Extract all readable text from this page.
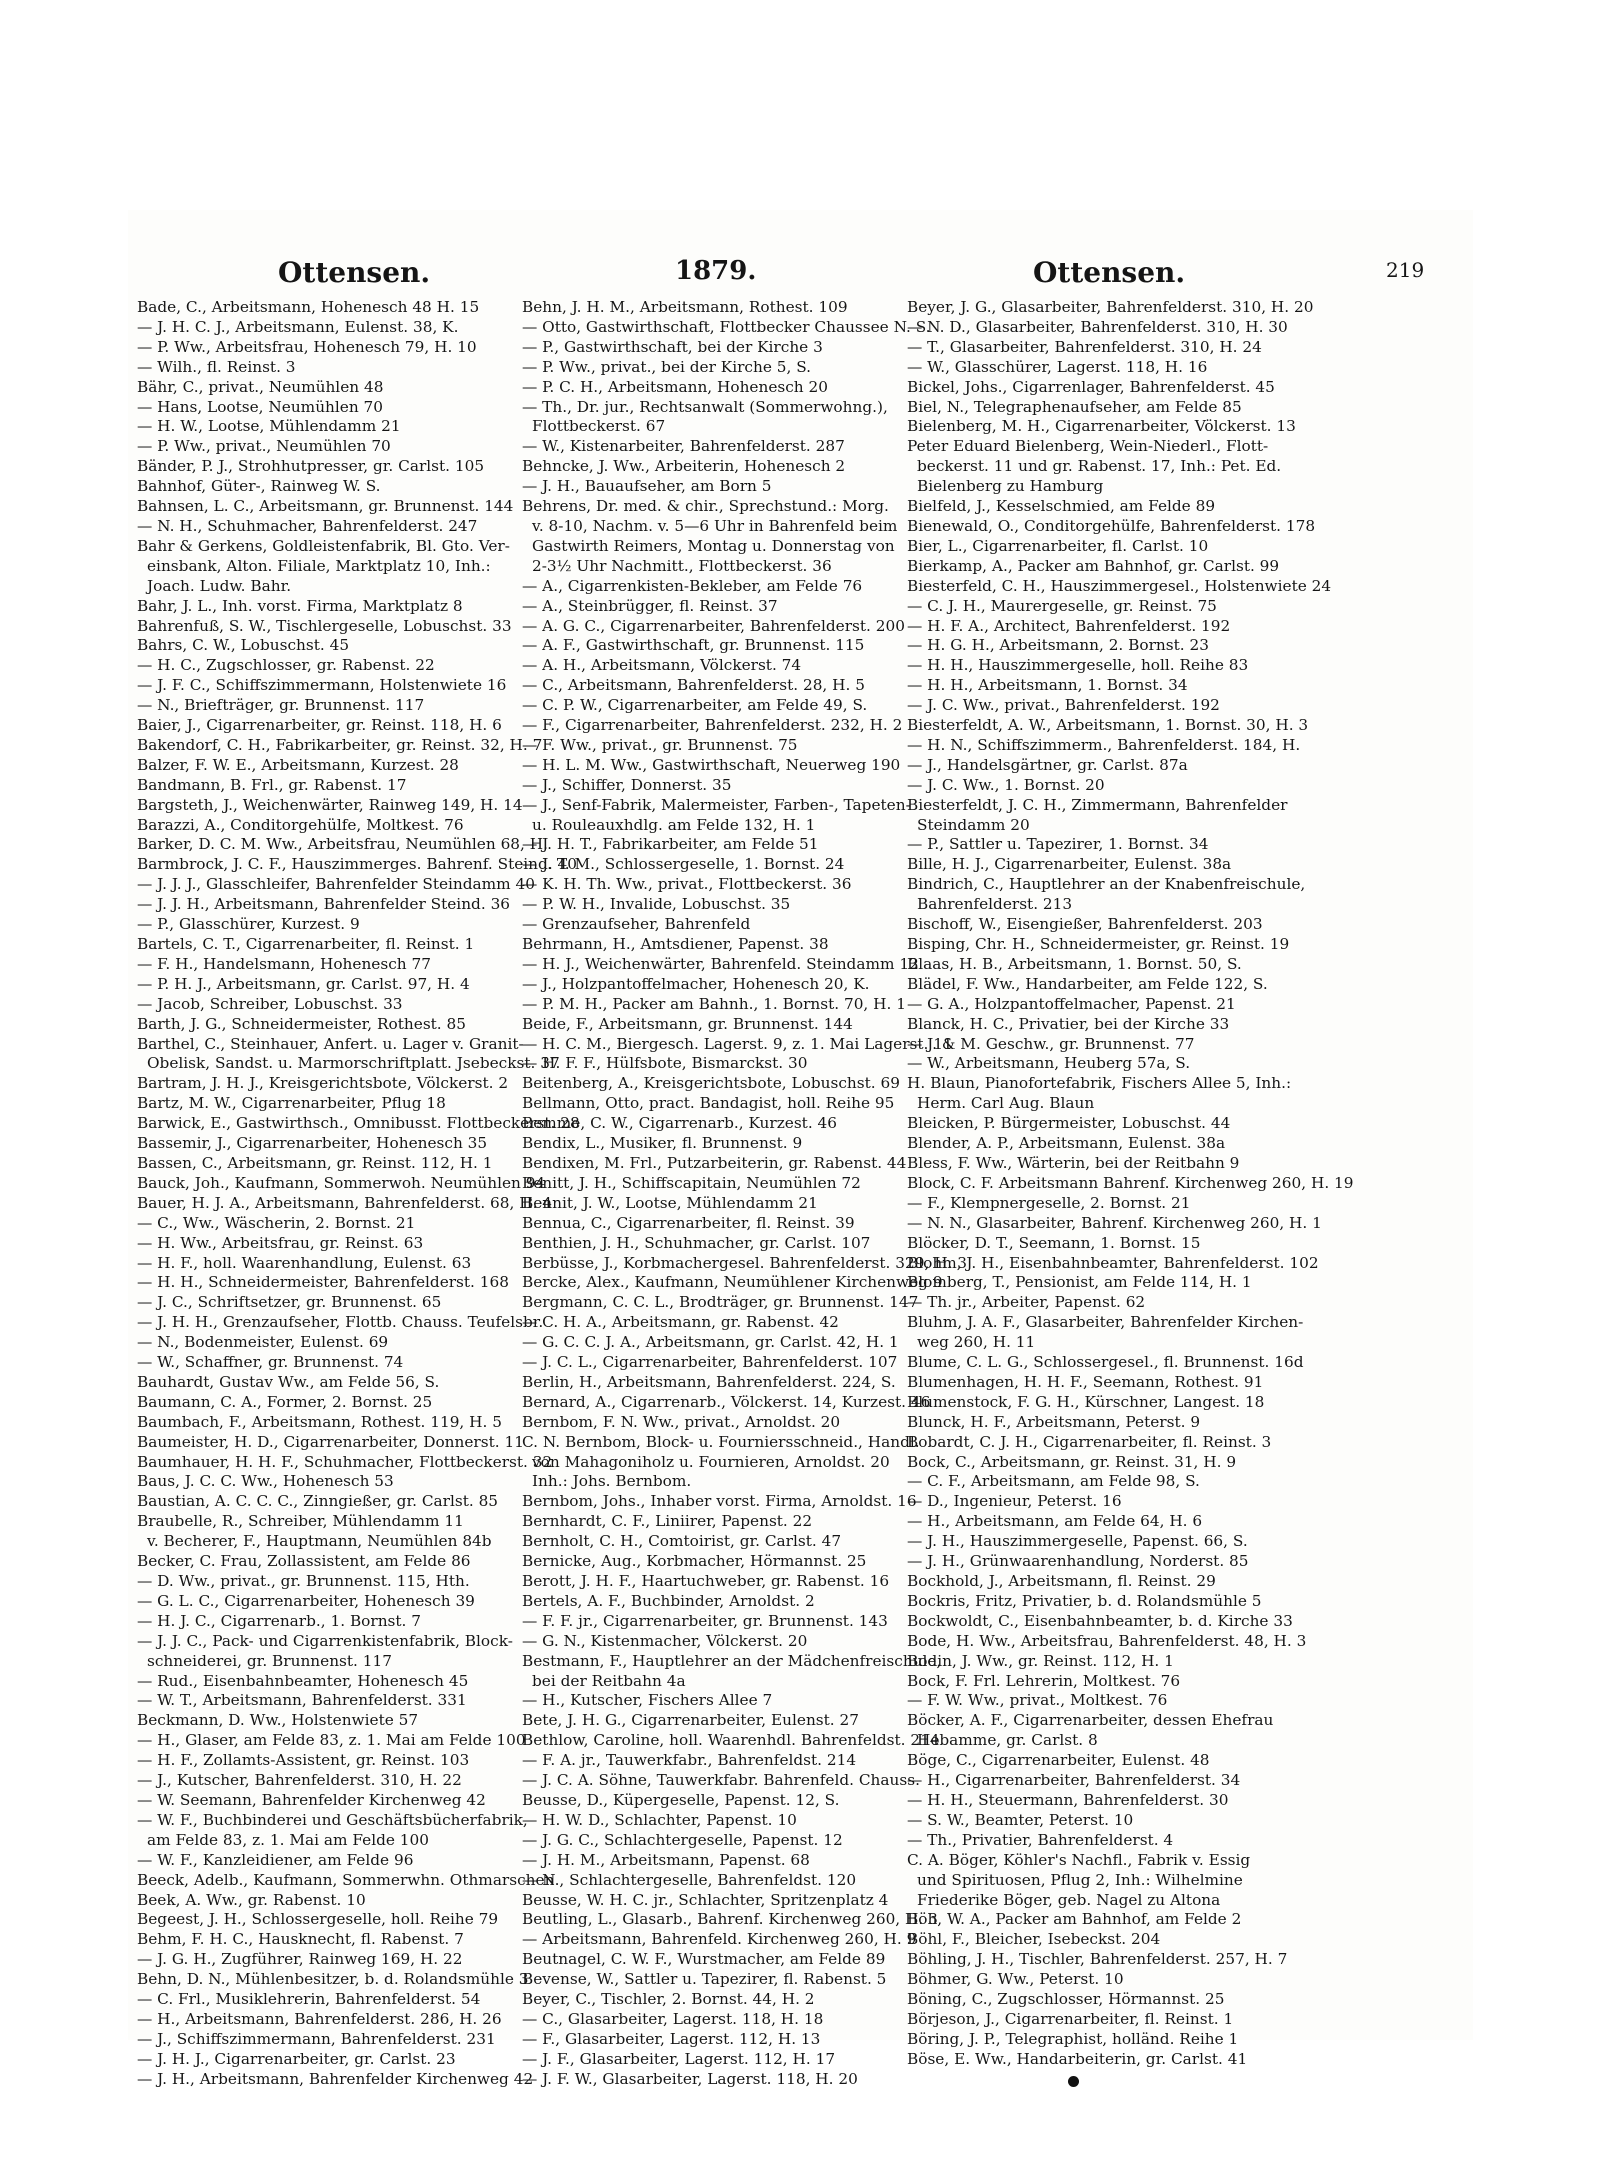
Ottensen.	1879.	Ottensen.	219

Bade, C., Arbeitsmann, Hohenesch 48 H. 15

— J. H. C. J., Arbeitsmann, Eulenst. 38, K.

— P. Ww., Arbeitsfrau, Hohenesch 79, H. 10

— Wilh., fl. Reinst. 3

Bähr, C., privat., Neumühlen 48

— Hans, Lootse, Neumühlen 70

— H. W., Lootse, Mühlendamm 21

— P. Ww., privat., Neumühlen 70

Bänder, P. J., Strohhutpresser, gr. Carlst. 105

Bahnhof, Güter-, Rainweg W. S.

Bahnsen, L. C., Arbeitsmann, gr. Brunnenst. 144

— N. H., Schuhmacher, Bahrenfelderst. 247

Bahr & Gerkens, Goldleistenfabrik, Bl. Gto. Ver-

einsbank, Alton. Filiale, Marktplatz 10, Inh.:

Joach. Ludw. Bahr.

Bahr, J. L., Inh. vorst. Firma, Marktplatz 8

Bahrenfuß, S. W., Tischlergeselle, Lobuschst. 33

Bahrs, C. W., Lobuschst. 45

— H. C., Zugschlosser, gr. Rabenst. 22

— J. F. C., Schiffszimmermann, Holstenwiete 16

— N., Briefträger, gr. Brunnenst. 117

Baier, J., Cigarrenarbeiter, gr. Reinst. 118, H. 6

Bakendorf, C. H., Fabrikarbeiter, gr. Reinst. 32, H. 7

Balzer, F. W. E., Arbeitsmann, Kurzest. 28

Bandmann, B. Frl., gr. Rabenst. 17

Bargsteth, J., Weichenwärter, Rainweg 149, H. 14

Barazzi, A., Conditorgehülfe, Moltkest. 76

Barker, D. C. M. Ww., Arbeitsfrau, Neumühlen 68, H.

Barmbrock, J. C. F., Hauszimmerges. Bahrenf. Steind. 40

— J. J. J., Glasschleifer, Bahrenfelder Steindamm 40

— J. J. H., Arbeitsmann, Bahrenfelder Steind. 36

— P., Glasschürer, Kurzest. 9

Bartels, C. T., Cigarrenarbeiter, fl. Reinst. 1

— F. H., Handelsmann, Hohenesch 77

— P. H. J., Arbeitsmann, gr. Carlst. 97, H. 4

— Jacob, Schreiber, Lobuschst. 33

Barth, J. G., Schneidermeister, Rothest. 85

Barthel, C., Steinhauer, Anfert. u. Lager v. Granit-

Obelisk, Sandst. u. Marmorschriftplatt. Jsebeckst. 37

Bartram, J. H. J., Kreisgerichtsbote, Völckerst. 2

Bartz, M. W., Cigarrenarbeiter, Pflug 18

Barwick, E., Gastwirthsch., Omnibusst. Flottbeckerst. 28

Bassemir, J., Cigarrenarbeiter, Hohenesch 35

Bassen, C., Arbeitsmann, gr. Reinst. 112, H. 1

Bauck, Joh., Kaufmann, Sommerwoh. Neumühlen 94

Bauer, H. J. A., Arbeitsmann, Bahrenfelderst. 68, H. 4

— C., Ww., Wäscherin, 2. Bornst. 21

— H. Ww., Arbeitsfrau, gr. Reinst. 63

— H. F., holl. Waarenhandlung, Eulenst. 63

— H. H., Schneidermeister, Bahrenfelderst. 168

— J. C., Schriftsetzer, gr. Brunnenst. 65

— J. H. H., Grenzaufseher, Flottb. Chauss. Teufelsbr.

— N., Bodenmeister, Eulenst. 69

— W., Schaffner, gr. Brunnenst. 74

Bauhardt, Gustav Ww., am Felde 56, S.

Baumann, C. A., Former, 2. Bornst. 25

Baumbach, F., Arbeitsmann, Rothest. 119, H. 5

Baumeister, H. D., Cigarrenarbeiter, Donnerst. 11

Baumhauer, H. H. F., Schuhmacher, Flottbeckerst. 32

Baus, J. C. C. Ww., Hohenesch 53

Baustian, A. C. C. C., Zinngießer, gr. Carlst. 85

Braubelle, R., Schreiber, Mühlendamm 11

v. Becherer, F., Hauptmann, Neumühlen 84b

Becker, C. Frau, Zollassistent, am Felde 86

— D. Ww., privat., gr. Brunnenst. 115, Hth.

— G. L. C., Cigarrenarbeiter, Hohenesch 39

— H. J. C., Cigarrenarb., 1. Bornst. 7

— J. J. C., Pack- und Cigarrenkistenfabrik, Block-

schneiderei, gr. Brunnenst. 117

— Rud., Eisenbahnbeamter, Hohenesch 45

— W. T., Arbeitsmann, Bahrenfelderst. 331

Beckmann, D. Ww., Holstenwiete 57

— H., Glaser, am Felde 83, z. 1. Mai am Felde 100

— H. F., Zollamts-Assistent, gr. Reinst. 103

— J., Kutscher, Bahrenfelderst. 310, H. 22

— W. Seemann, Bahrenfelder Kirchenweg 42

— W. F., Buchbinderei und Geschäftsbücherfabrik,

am Felde 83, z. 1. Mai am Felde 100

— W. F., Kanzleidiener, am Felde 96

Beeck, Adelb., Kaufmann, Sommerwhn. Othmarschen

Beek, A. Ww., gr. Rabenst. 10

Begeest, J. H., Schlossergeselle, holl. Reihe 79

Behm, F. H. C., Hausknecht, fl. Rabenst. 7

— J. G. H., Zugführer, Rainweg 169, H. 22

Behn, D. N., Mühlenbesitzer, b. d. Rolandsmühle 3

— C. Frl., Musiklehrerin, Bahrenfelderst. 54

— H., Arbeitsmann, Bahrenfelderst. 286, H. 26

— J., Schiffszimmermann, Bahrenfelderst. 231

— J. H. J., Cigarrenarbeiter, gr. Carlst. 23

— J. H., Arbeitsmann, Bahrenfelder Kirchenweg 42

Behn, J. H. M., Arbeitsmann, Rothest. 109

— Otto, Gastwirthschaft, Flottbecker Chaussee N. S.

— P., Gastwirthschaft, bei der Kirche 3

— P. Ww., privat., bei der Kirche 5, S.

— P. C. H., Arbeitsmann, Hohenesch 20

— Th., Dr. jur., Rechtsanwalt (Sommerwohng.),

Flottbeckerst. 67

— W., Kistenarbeiter, Bahrenfelderst. 287

Behncke, J. Ww., Arbeiterin, Hohenesch 2

— J. H., Bauaufseher, am Born 5

Behrens, Dr. med. & chir., Sprechstund.: Morg.

v. 8-10, Nachm. v. 5—6 Uhr in Bahrenfeld beim

Gastwirth Reimers, Montag u. Donnerstag von

2-3½ Uhr Nachmitt., Flottbeckerst. 36

— A., Cigarrenkisten-Bekleber, am Felde 76

— A., Steinbrügger, fl. Reinst. 37

— A. G. C., Cigarrenarbeiter, Bahrenfelderst. 200

— A. F., Gastwirthschaft, gr. Brunnenst. 115

— A. H., Arbeitsmann, Völckerst. 74

— C., Arbeitsmann, Bahrenfelderst. 28, H. 5

— C. P. W., Cigarrenarbeiter, am Felde 49, S.

— F., Cigarrenarbeiter, Bahrenfelderst. 232, H. 2

— F. Ww., privat., gr. Brunnenst. 75

— H. L. M. Ww., Gastwirthschaft, Neuerweg 190

— J., Schiffer, Donnerst. 35

— J., Senf-Fabrik, Malermeister, Farben-, Tapeten-

u. Rouleauxhdlg. am Felde 132, H. 1

— J. H. T., Fabrikarbeiter, am Felde 51

— J. T. M., Schlossergeselle, 1. Bornst. 24

— K. H. Th. Ww., privat., Flottbeckerst. 36

— P. W. H., Invalide, Lobuschst. 35

— Grenzaufseher, Bahrenfeld

Behrmann, H., Amtsdiener, Papenst. 38

— H. J., Weichenwärter, Bahrenfeld. Steindamm 12

— J., Holzpantoffelmacher, Hohenesch 20, K.

— P. M. H., Packer am Bahnh., 1. Bornst. 70, H. 1

Beide, F., Arbeitsmann, gr. Brunnenst. 144

— H. C. M., Biergesch. Lagerst. 9, z. 1. Mai Lagerst. 11

— H. F. F., Hülfsbote, Bismarckst. 30

Beitenberg, A., Kreisgerichtsbote, Lobuschst. 69

Bellmann, Otto, pract. Bandagist, holl. Reihe 95

Bemme, C. W., Cigarrenarb., Kurzest. 46

Bendix, L., Musiker, fl. Brunnenst. 9

Bendixen, M. Frl., Putzarbeiterin, gr. Rabenst. 44

Benitt, J. H., Schiffscapitain, Neumühlen 72

Bennit, J. W., Lootse, Mühlendamm 21

Bennua, C., Cigarrenarbeiter, fl. Reinst. 39

Benthien, J. H., Schuhmacher, gr. Carlst. 107

Berbüsse, J., Korbmachergesel. Bahrenfelderst. 329, H. 3

Bercke, Alex., Kaufmann, Neumühlener Kirchenweg 9

Bergmann, C. C. L., Brodträger, gr. Brunnenst. 147

— C. H. A., Arbeitsmann, gr. Rabenst. 42

— G. C. C. J. A., Arbeitsmann, gr. Carlst. 42, H. 1

— J. C. L., Cigarrenarbeiter, Bahrenfelderst. 107

Berlin, H., Arbeitsmann, Bahrenfelderst. 224, S.

Bernard, A., Cigarrenarb., Völckerst. 14, Kurzest. 46

Bernbom, F. N. Ww., privat., Arnoldst. 20

C. N. Bernbom, Block- u. Fourniersschneid., Handl.

von Mahagoniholz u. Fournieren, Arnoldst. 20

Inh.: Johs. Bernbom.

Bernbom, Johs., Inhaber vorst. Firma, Arnoldst. 16

Bernhardt, C. F., Liniirer, Papenst. 22

Bernholt, C. H., Comtoirist, gr. Carlst. 47

Bernicke, Aug., Korbmacher, Hörmannst. 25

Berott, J. H. F., Haartuchweber, gr. Rabenst. 16

Bertels, A. F., Buchbinder, Arnoldst. 2

— F. F. jr., Cigarrenarbeiter, gr. Brunnenst. 143

— G. N., Kistenmacher, Völckerst. 20

Bestmann, F., Hauptlehrer an der Mädchenfreischule,

bei der Reitbahn 4a

— H., Kutscher, Fischers Allee 7

Bete, J. H. G., Cigarrenarbeiter, Eulenst. 27

Bethlow, Caroline, holl. Waarenhdl. Bahrenfeldst. 214

— F. A. jr., Tauwerkfabr., Bahrenfeldst. 214

— J. C. A. Söhne, Tauwerkfabr. Bahrenfeld. Chauss.

Beusse, D., Küpergeselle, Papenst. 12, S.

— H. W. D., Schlachter, Papenst. 10

— J. G. C., Schlachtergeselle, Papenst. 12

— J. H. M., Arbeitsmann, Papenst. 68

— N., Schlachtergeselle, Bahrenfeldst. 120

Beusse, W. H. C. jr., Schlachter, Spritzenplatz 4

Beutling, L., Glasarb., Bahrenf. Kirchenweg 260, H. 3

— Arbeitsmann, Bahrenfeld. Kirchenweg 260, H. 9

Beutnagel, C. W. F., Wurstmacher, am Felde 89

Bevense, W., Sattler u. Tapezirer, fl. Rabenst. 5

Beyer, C., Tischler, 2. Bornst. 44, H. 2

— C., Glasarbeiter, Lagerst. 118, H. 18

— F., Glasarbeiter, Lagerst. 112, H. 13

— J. F., Glasarbeiter, Lagerst. 112, H. 17

— J. F. W., Glasarbeiter, Lagerst. 118, H. 20

Beyer, J. G., Glasarbeiter, Bahrenfelderst. 310, H. 20

— N. D., Glasarbeiter, Bahrenfelderst. 310, H. 30

— T., Glasarbeiter, Bahrenfelderst. 310, H. 24

— W., Glasschürer, Lagerst. 118, H. 16

Bickel, Johs., Cigarrenlager, Bahrenfelderst. 45

Biel, N., Telegraphenaufseher, am Felde 85

Bielenberg, M. H., Cigarrenarbeiter, Völckerst. 13

Peter Eduard Bielenberg, Wein-Niederl., Flott-

beckerst. 11 und gr. Rabenst. 17, Inh.: Pet. Ed.

Bielenberg zu Hamburg

Bielfeld, J., Kesselschmied, am Felde 89

Bienewald, O., Conditorgehülfe, Bahrenfelderst. 178

Bier, L., Cigarrenarbeiter, fl. Carlst. 10

Bierkamp, A., Packer am Bahnhof, gr. Carlst. 99

Biesterfeld, C. H., Hauszimmergesel., Holstenwiete 24

— C. J. H., Maurergeselle, gr. Reinst. 75

— H. F. A., Architect, Bahrenfelderst. 192

— H. G. H., Arbeitsmann, 2. Bornst. 23

— H. H., Hauszimmergeselle, holl. Reihe 83

— H. H., Arbeitsmann, 1. Bornst. 34

— J. C. Ww., privat., Bahrenfelderst. 192

Biesterfeldt, A. W., Arbeitsmann, 1. Bornst. 30, H. 3

— H. N., Schiffszimmerm., Bahrenfelderst. 184, H.

— J., Handelsgärtner, gr. Carlst. 87a

— J. C. Ww., 1. Bornst. 20

Biesterfeldt, J. C. H., Zimmermann, Bahrenfelder

Steindamm 20

— P., Sattler u. Tapezirer, 1. Bornst. 34

Bille, H. J., Cigarrenarbeiter, Eulenst. 38a

Bindrich, C., Hauptlehrer an der Knabenfreischule,

Bahrenfelderst. 213

Bischoff, W., Eisengießer, Bahrenfelderst. 203

Bisping, Chr. H., Schneidermeister, gr. Reinst. 19

Blaas, H. B., Arbeitsmann, 1. Bornst. 50, S.

Blädel, F. Ww., Handarbeiter, am Felde 122, S.

— G. A., Holzpantoffelmacher, Papenst. 21

Blanck, H. C., Privatier, bei der Kirche 33

— J. & M. Geschw., gr. Brunnenst. 77

— W., Arbeitsmann, Heuberg 57a, S.

H. Blaun, Pianofortefabrik, Fischers Allee 5, Inh.:

Herm. Carl Aug. Blaun

Bleicken, P. Bürgermeister, Lobuschst. 44

Blender, A. P., Arbeitsmann, Eulenst. 38a

Bless, F. Ww., Wärterin, bei der Reitbahn 9

Block, C. F. Arbeitsmann Bahrenf. Kirchenweg 260, H. 19

— F., Klempnergeselle, 2. Bornst. 21

— N. N., Glasarbeiter, Bahrenf. Kirchenweg 260, H. 1

Blöcker, D. T., Seemann, 1. Bornst. 15

Blohm, J. H., Eisenbahnbeamter, Bahrenfelderst. 102

Blomberg, T., Pensionist, am Felde 114, H. 1

— Th. jr., Arbeiter, Papenst. 62

Bluhm, J. A. F., Glasarbeiter, Bahrenfelder Kirchen-

weg 260, H. 11

Blume, C. L. G., Schlossergesel., fl. Brunnenst. 16d

Blumenhagen, H. H. F., Seemann, Rothest. 91

Blumenstock, F. G. H., Kürschner, Langest. 18

Blunck, H. F., Arbeitsmann, Peterst. 9

Bobardt, C. J. H., Cigarrenarbeiter, fl. Reinst. 3

Bock, C., Arbeitsmann, gr. Reinst. 31, H. 9

— C. F., Arbeitsmann, am Felde 98, S.

— D., Ingenieur, Peterst. 16

— H., Arbeitsmann, am Felde 64, H. 6

— J. H., Hauszimmergeselle, Papenst. 66, S.

— J. H., Grünwaarenhandlung, Norderst. 85

Bockhold, J., Arbeitsmann, fl. Reinst. 29

Bockris, Fritz, Privatier, b. d. Rolandsmühle 5

Bockwoldt, C., Eisenbahnbeamter, b. d. Kirche 33

Bode, H. Ww., Arbeitsfrau, Bahrenfelderst. 48, H. 3

Bodin, J. Ww., gr. Reinst. 112, H. 1

Bock, F. Frl. Lehrerin, Moltkest. 76

— F. W. Ww., privat., Moltkest. 76

Böcker, A. F., Cigarrenarbeiter, dessen Ehefrau

Hebamme, gr. Carlst. 8

Böge, C., Cigarrenarbeiter, Eulenst. 48

— H., Cigarrenarbeiter, Bahrenfelderst. 34

— H. H., Steuermann, Bahrenfelderst. 30

— S. W., Beamter, Peterst. 10

— Th., Privatier, Bahrenfelderst. 4

C. A. Böger, Köhler's Nachfl., Fabrik v. Essig

und Spirituosen, Pflug 2, Inh.: Wilhelmine

Friederike Böger, geb. Nagel zu Altona

Böh, W. A., Packer am Bahnhof, am Felde 2

Böhl, F., Bleicher, Isebeckst. 204

Böhling, J. H., Tischler, Bahrenfelderst. 257, H. 7

Böhmer, G. Ww., Peterst. 10

Böning, C., Zugschlosser, Hörmannst. 25

Börjeson, J., Cigarrenarbeiter, fl. Reinst. 1

Böring, J. P., Telegraphist, holländ. Reihe 1

Böse, E. Ww., Handarbeiterin, gr. Carlst. 41
